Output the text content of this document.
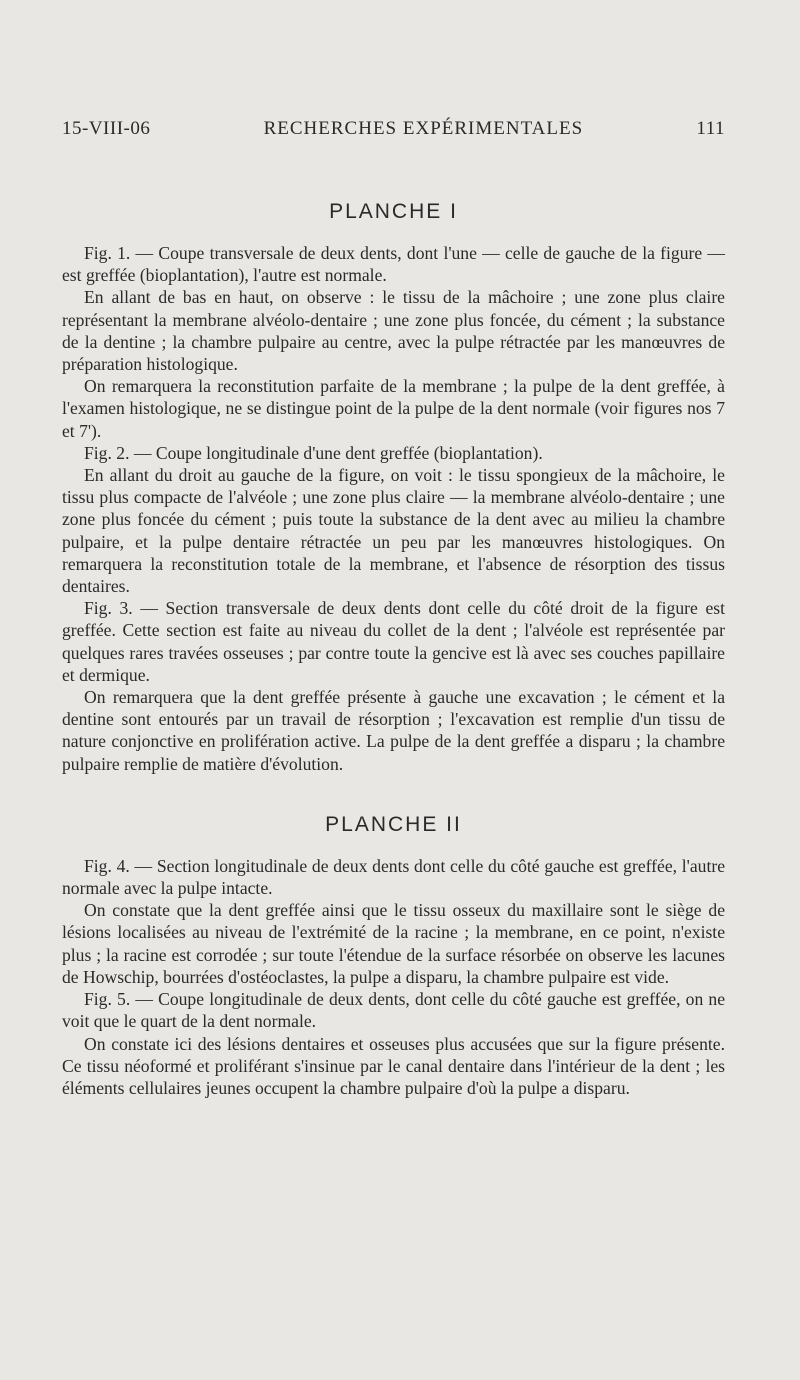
15-VIII-06	RECHERCHES EXPÉRIMENTALES	111
PLANCHE I

Fig. 1. — Coupe transversale de deux dents, dont l'une — celle de gauche de la figure — est greffée (bioplantation), l'autre est normale.

En allant de bas en haut, on observe : le tissu de la mâchoire ; une zone plus claire représentant la membrane alvéolo-dentaire ; une zone plus foncée, du cément ; la substance de la dentine ; la chambre pulpaire au centre, avec la pulpe rétractée par les manœuvres de préparation histologique.

On remarquera la reconstitution parfaite de la membrane ; la pulpe de la dent greffée, à l'examen histologique, ne se distingue point de la pulpe de la dent normale (voir figures nos 7 et 7').

Fig. 2. — Coupe longitudinale d'une dent greffée (bioplantation).

En allant du droit au gauche de la figure, on voit : le tissu spongieux de la mâchoire, le tissu plus compacte de l'alvéole ; une zone plus claire — la membrane alvéolo-dentaire ; une zone plus foncée du cément ; puis toute la substance de la dent avec au milieu la chambre pulpaire, et la pulpe dentaire rétractée un peu par les manœuvres histologiques. On remarquera la reconstitution totale de la membrane, et l'absence de résorption des tissus dentaires.

Fig. 3. — Section transversale de deux dents dont celle du côté droit de la figure est greffée. Cette section est faite au niveau du collet de la dent ; l'alvéole est représentée par quelques rares travées osseuses ; par contre toute la gencive est là avec ses couches papillaire et dermique.

On remarquera que la dent greffée présente à gauche une excavation ; le cément et la dentine sont entourés par un travail de résorption ; l'excavation est remplie d'un tissu de nature conjonctive en prolifération active. La pulpe de la dent greffée a disparu ; la chambre pulpaire remplie de matière d'évolution.

PLANCHE II

Fig. 4. — Section longitudinale de deux dents dont celle du côté gauche est greffée, l'autre normale avec la pulpe intacte.

On constate que la dent greffée ainsi que le tissu osseux du maxillaire sont le siège de lésions localisées au niveau de l'extrémité de la racine ; la membrane, en ce point, n'existe plus ; la racine est corrodée ; sur toute l'étendue de la surface résorbée on observe les lacunes de Howschip, bourrées d'ostéoclastes, la pulpe a disparu, la chambre pulpaire est vide.

Fig. 5. — Coupe longitudinale de deux dents, dont celle du côté gauche est greffée, on ne voit que le quart de la dent normale.

On constate ici des lésions dentaires et osseuses plus accusées que sur la figure présente. Ce tissu néoformé et proliférant s'insinue par le canal dentaire dans l'intérieur de la dent ; les éléments cellulaires jeunes occupent la chambre pulpaire d'où la pulpe a disparu.
